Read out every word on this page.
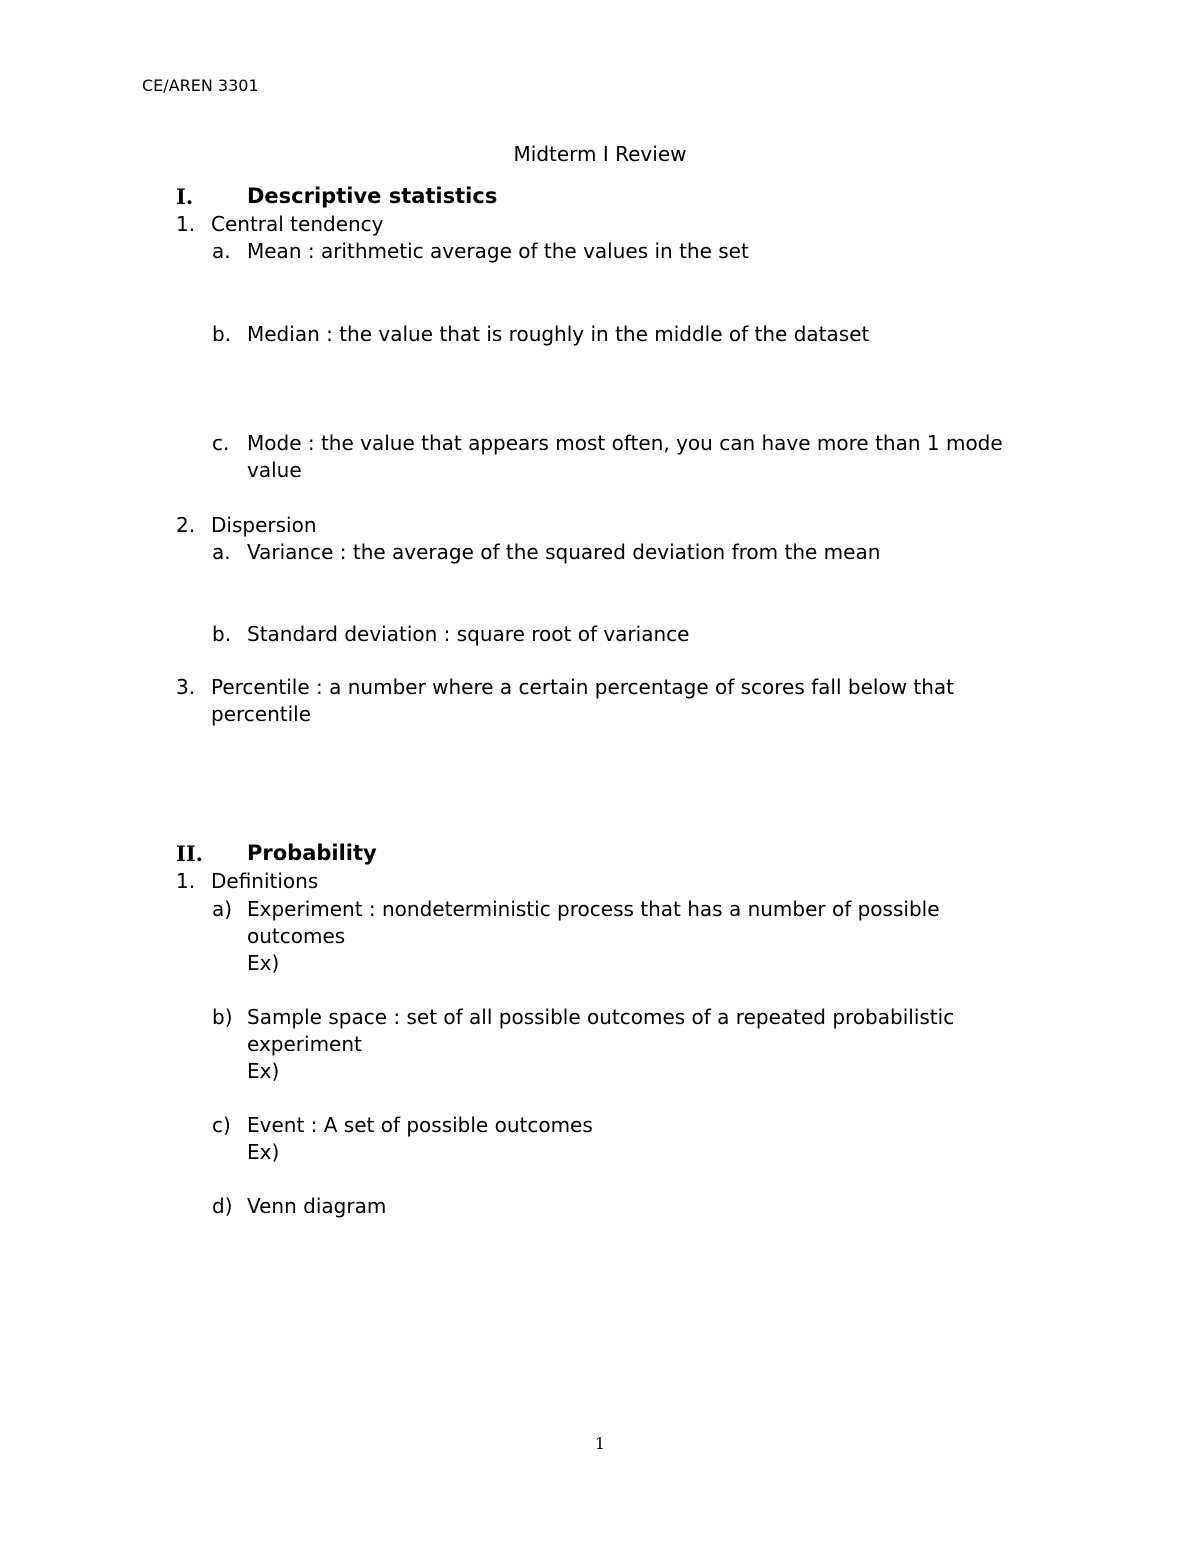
CE/AREN 3301
Midterm I Review
I.	Descriptive statistics
1. Central tendency
a. Mean : arithmetic average of the values in the set
b. Median : the value that is roughly in the middle of the dataset
c. Mode : the value that appears most often, you can have more than 1 mode
value
2. Dispersion
a. Variance : the average of the squared deviation from the mean
b. Standard deviation : square root of variance
3. Percentile : a number where a certain percentage of scores fall below that
percentile
II. Probability
1. Definitions
a) Experiment : nondeterministic process that has a number of possible
outcomes
Ex)
b) Sample space : set of all possible outcomes of a repeated probabilistic
experiment
Ex)
c) Event : A set of possible outcomes
Ex)
d) Venn diagram
1
